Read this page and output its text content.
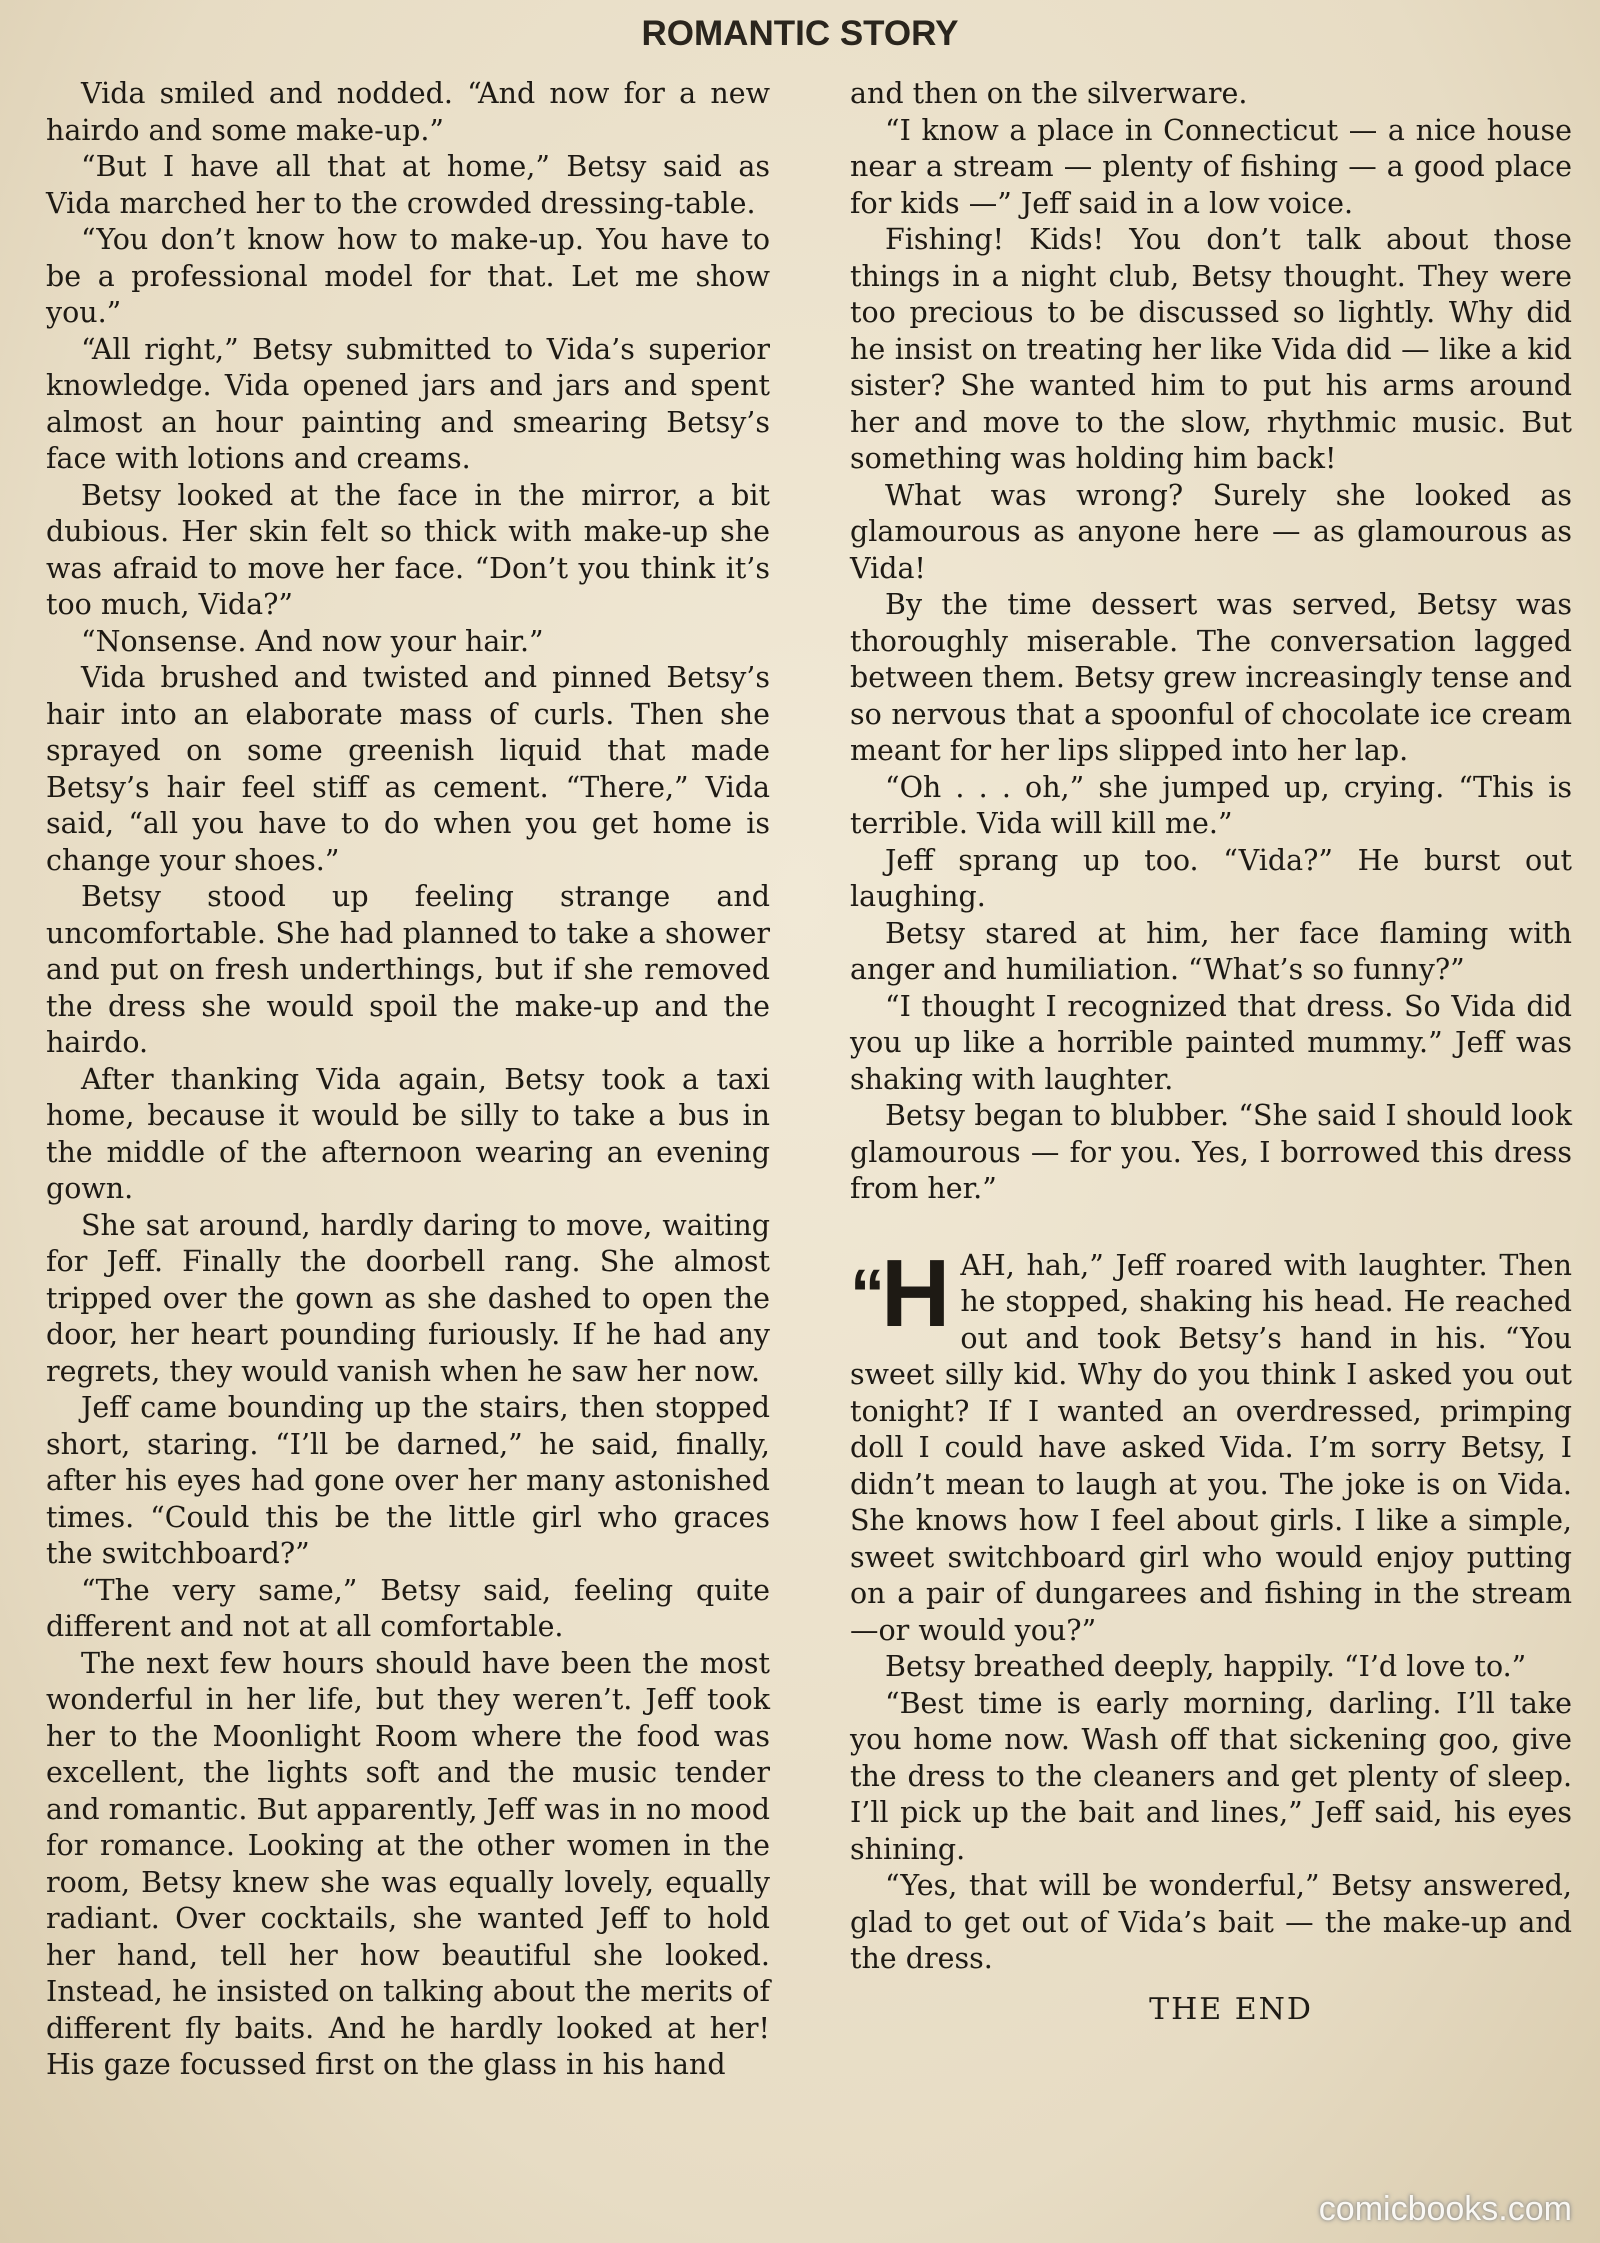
ROMANTIC STORY

Vida smiled and nodded. “And now for a new hairdo and some make-up.”

“But I have all that at home,” Betsy said as Vida marched her to the crowded dressing-table.

“You don’t know how to make-up. You have to be a professional model for that. Let me show you.”

“All right,” Betsy submitted to Vida’s superior knowledge. Vida opened jars and jars and spent almost an hour painting and smearing Betsy’s face with lotions and creams.

Betsy looked at the face in the mirror, a bit dubious. Her skin felt so thick with make-up she was afraid to move her face. “Don’t you think it’s too much, Vida?”

“Nonsense. And now your hair.”

Vida brushed and twisted and pinned Betsy’s hair into an elaborate mass of curls. Then she sprayed on some greenish liquid that made Betsy’s hair feel stiff as cement. “There,” Vida said, “all you have to do when you get home is change your shoes.”

Betsy stood up feeling strange and uncomfortable. She had planned to take a shower and put on fresh underthings, but if she removed the dress she would spoil the make-up and the hairdo.

After thanking Vida again, Betsy took a taxi home, because it would be silly to take a bus in the middle of the afternoon wearing an evening gown.

She sat around, hardly daring to move, waiting for Jeff. Finally the doorbell rang. She almost tripped over the gown as she dashed to open the door, her heart pounding furiously. If he had any regrets, they would vanish when he saw her now.

Jeff came bounding up the stairs, then stopped short, staring. “I’ll be darned,” he said, finally, after his eyes had gone over her many astonished times. “Could this be the little girl who graces the switchboard?”

“The very same,” Betsy said, feeling quite different and not at all comfortable.

The next few hours should have been the most wonderful in her life, but they weren’t. Jeff took her to the Moonlight Room where the food was excellent, the lights soft and the music tender and romantic. But apparently, Jeff was in no mood for romance. Looking at the other women in the room, Betsy knew she was equally lovely, equally radiant. Over cocktails, she wanted Jeff to hold her hand, tell her how beautiful she looked. Instead, he insisted on talking about the merits of different fly baits. And he hardly looked at her! His gaze focussed first on the glass in his hand

and then on the silverware.

“I know a place in Connecticut — a nice house near a stream — plenty of fishing — a good place for kids —” Jeff said in a low voice.

Fishing! Kids! You don’t talk about those things in a night club, Betsy thought. They were too precious to be discussed so lightly. Why did he insist on treating her like Vida did — like a kid sister? She wanted him to put his arms around her and move to the slow, rhythmic music. But something was holding him back!

What was wrong? Surely she looked as glamourous as anyone here — as glamourous as Vida!

By the time dessert was served, Betsy was thoroughly miserable. The conversation lagged between them. Betsy grew increasingly tense and so nervous that a spoonful of chocolate ice cream meant for her lips slipped into her lap.

“Oh . . . oh,” she jumped up, crying. “This is terrible. Vida will kill me.”

Jeff sprang up too. “Vida?” He burst out laughing.

Betsy stared at him, her face flaming with anger and humiliation. “What’s so funny?”

“I thought I recognized that dress. So Vida did you up like a horrible painted mummy.” Jeff was shaking with laughter.

Betsy began to blubber. “She said I should look glamourous — for you. Yes, I borrowed this dress from her.”

“H AH, hah,” Jeff roared with laughter. Then he stopped, shaking his head. He reached out and took Betsy’s hand in his. “You sweet silly kid. Why do you think I asked you out tonight? If I wanted an overdressed, primping doll I could have asked Vida. I’m sorry Betsy, I didn’t mean to laugh at you. The joke is on Vida. She knows how I feel about girls. I like a simple, sweet switchboard girl who would enjoy putting on a pair of dungarees and fishing in the stream—or would you?”

Betsy breathed deeply, happily. “I’d love to.”

“Best time is early morning, darling. I’ll take you home now. Wash off that sickening goo, give the dress to the cleaners and get plenty of sleep. I’ll pick up the bait and lines,” Jeff said, his eyes shining.

“Yes, that will be wonderful,” Betsy answered, glad to get out of Vida’s bait — the make-up and the dress.

THE END
comicbooks.com
